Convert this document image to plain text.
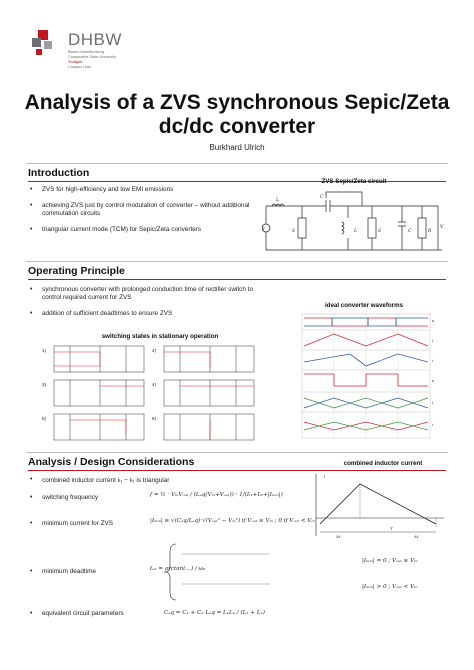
DHBW
Baden-Wuerttemberg
Cooperative State University
Stuttgart
Campus Horb
Analysis of a ZVS synchronous Sepic/Zeta dc/dc converter
Burkhard Ulrich
Introduction
• ZVS for high-efficiency and low EMI emissions
• achieving ZVS just by control modulation of converter – without additional commutation circuits
• triangular current mode (TCM) for Sepic/Zeta converters
ZVS Sepic/Zeta circuit
V
L
C
S	L	S	C	R
V
Operating Principle
• synchronous converter with prolonged conduction time of rectifier switch to control required current for ZVS
• addition of sufficient deadtimes to ensure ZVS
switching states in stationary operation
1)	2)
3)	4)
5)	6)
ideal converter waveforms
u
i
i
u
i
i
Analysis / Design Considerations	combined inductor current
• combined inductor current iₗ₁ − iₗ₂ is triangular
• switching frequency	f = ½ · VᵢₙVₒᵤₜ / (Lₑq(Vᵢₙ+Vₒᵤₜ)) · 1/(Iₗ₁+Iₗ₂+|Iₘᵢₙ|)
• minimum current for ZVS	|Iₘᵢₙ| ≥ √(Cₑq/Lₑq)·√(Vₒᵤₜ² − Vᵢₙ²) if Vₒᵤₜ ≥ Vᵢₙ ; 0 if Vₒᵤₜ < Vᵢₙ
• minimum deadtime	tₑ₂ = arctan(…) / ω₀
|Iₘᵢₙ| = 0 ; Vₒᵤₜ ≥ Vᵢₙ
|Iₘᵢₙ| > 0 ; Vₒᵤₜ < Vᵢₙ
• equivalent circuit parameters	Cₑq = C₁ + C₂ Lₑq = L₁L₂ / (L₁ + L₂)
i
T
Δt	Δt
